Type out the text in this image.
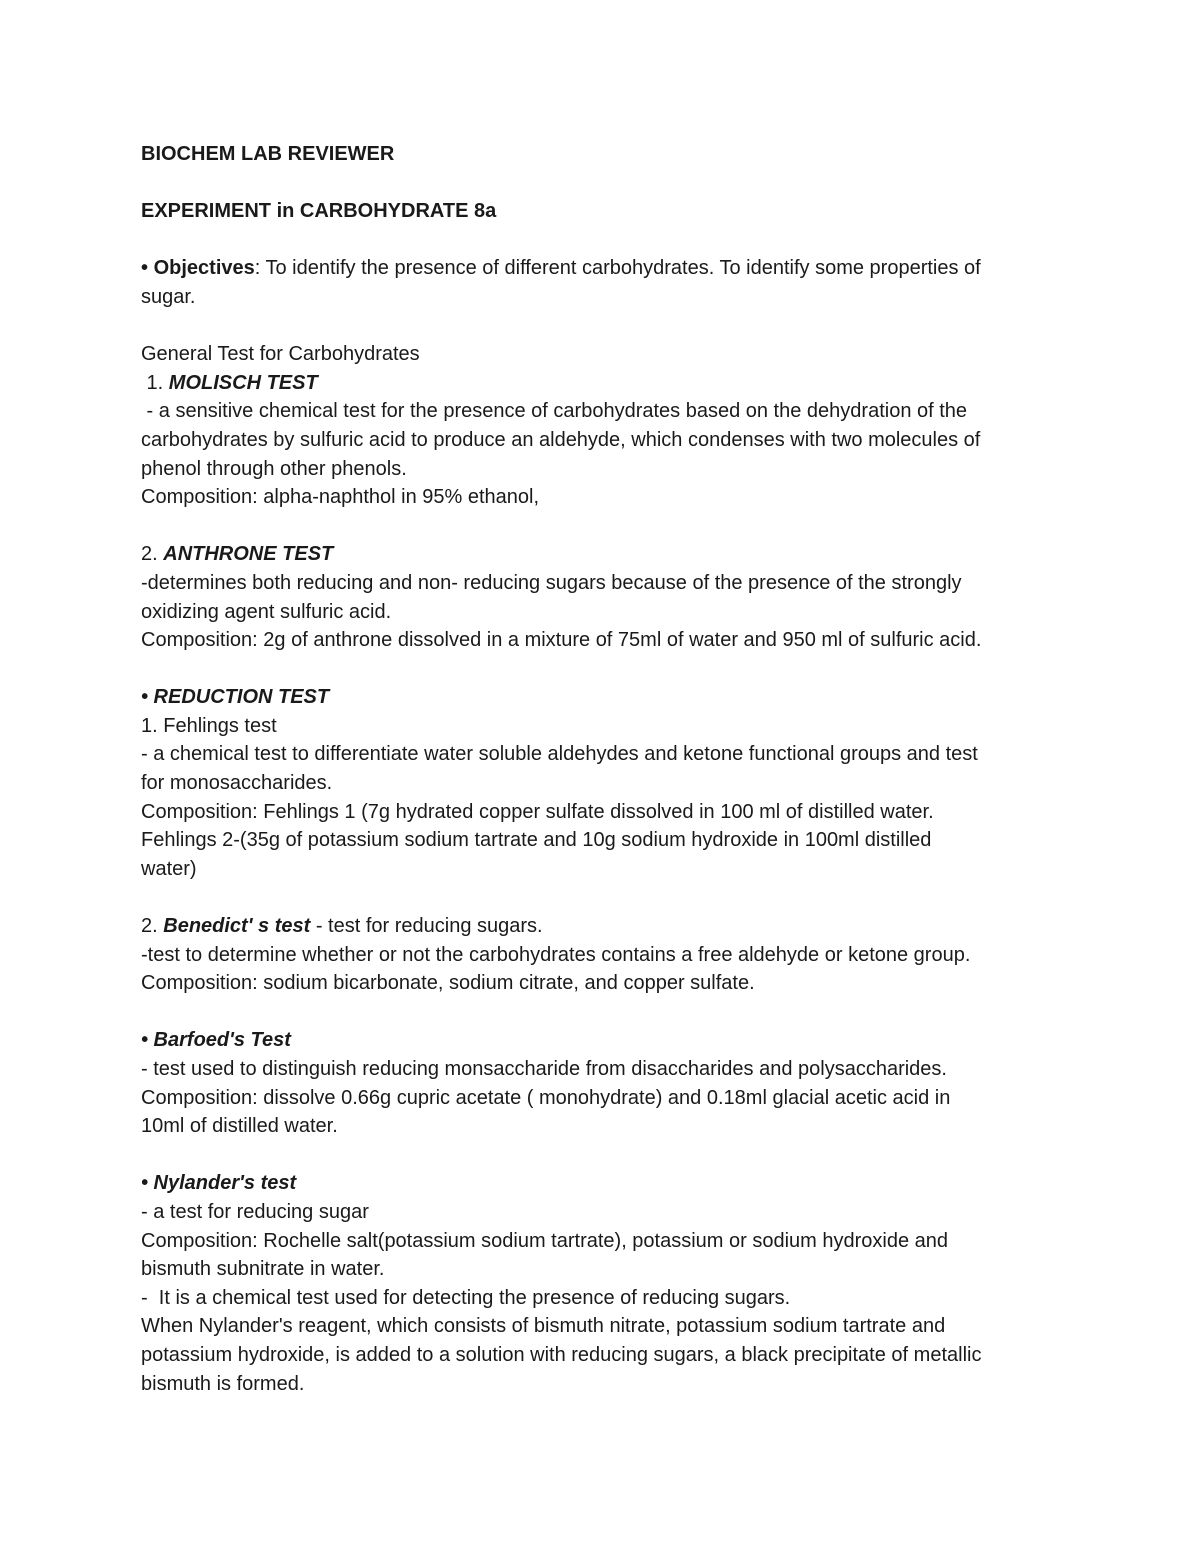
BIOCHEM LAB REVIEWER
EXPERIMENT in CARBOHYDRATE 8a
• Objectives: To identify the presence of different carbohydrates. To identify some properties of
sugar.
General Test for Carbohydrates
1. MOLISCH TEST
- a sensitive chemical test for the presence of carbohydrates based on the dehydration of the
carbohydrates by sulfuric acid to produce an aldehyde, which condenses with two molecules of
phenol through other phenols.
Composition: alpha-naphthol in 95% ethanol,
2. ANTHRONE TEST
-determines both reducing and non- reducing sugars because of the presence of the strongly
oxidizing agent sulfuric acid.
Composition: 2g of anthrone dissolved in a mixture of 75ml of water and 950 ml of sulfuric acid.
• REDUCTION TEST
1. Fehlings test
- a chemical test to differentiate water soluble aldehydes and ketone functional groups and test
for monosaccharides.
Composition: Fehlings 1 (7g hydrated copper sulfate dissolved in 100 ml of distilled water.
Fehlings 2-(35g of potassium sodium tartrate and 10g sodium hydroxide in 100ml distilled
water)
2. Benedict' s test - test for reducing sugars.
-test to determine whether or not the carbohydrates contains a free aldehyde or ketone group.
Composition: sodium bicarbonate, sodium citrate, and copper sulfate.
• Barfoed's Test
- test used to distinguish reducing monsaccharide from disaccharides and polysaccharides.
Composition: dissolve 0.66g cupric acetate ( monohydrate) and 0.18ml glacial acetic acid in
10ml of distilled water.
• Nylander's test
- a test for reducing sugar
Composition: Rochelle salt(potassium sodium tartrate), potassium or sodium hydroxide and
bismuth subnitrate in water.
-  It is a chemical test used for detecting the presence of reducing sugars.
When Nylander's reagent, which consists of bismuth nitrate, potassium sodium tartrate and
potassium hydroxide, is added to a solution with reducing sugars, a black precipitate of metallic
bismuth is formed.
